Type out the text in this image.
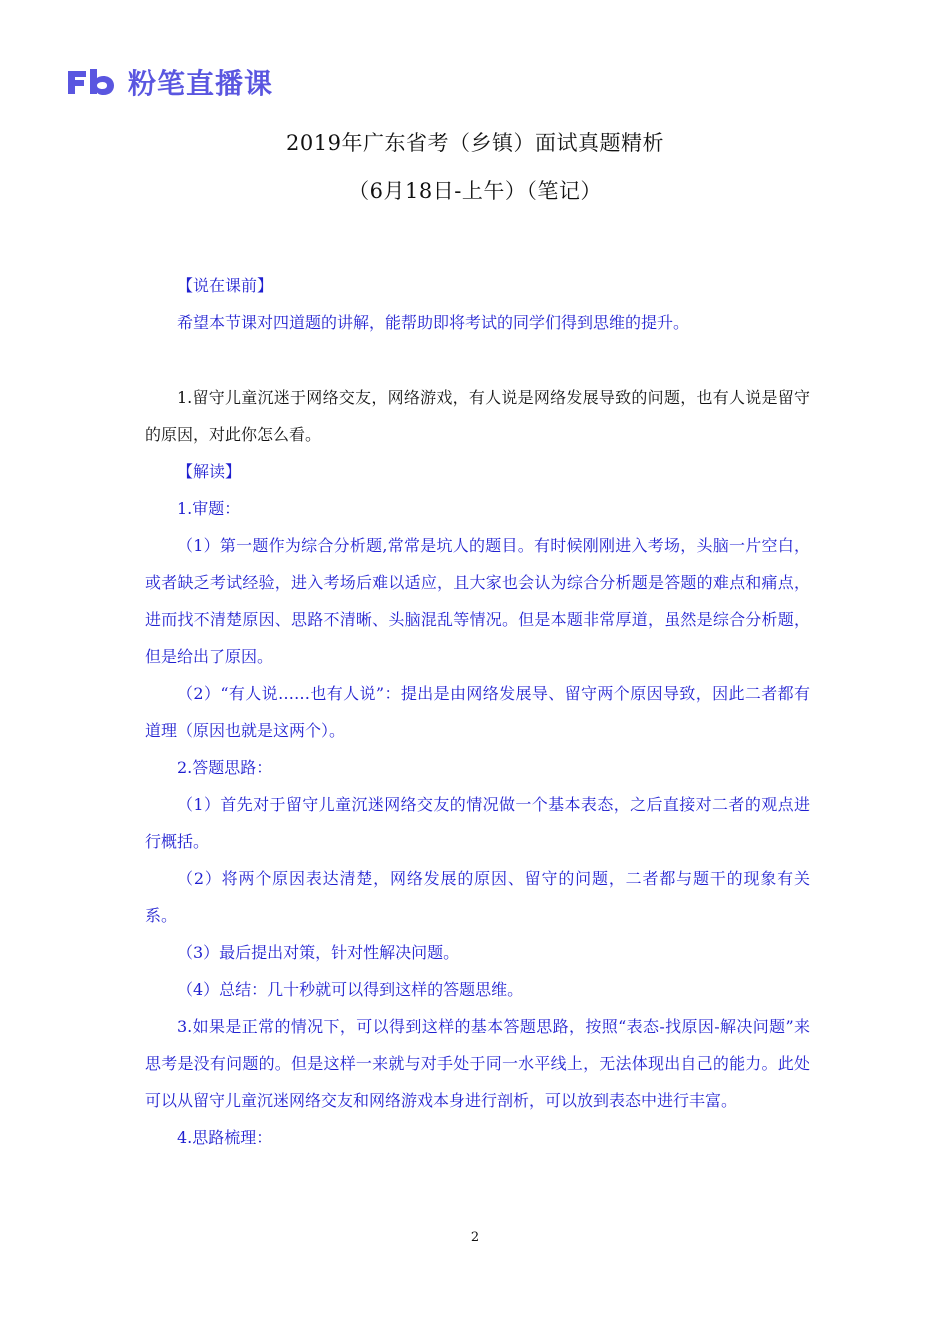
粉笔直播课
2019年广东省考（乡镇）面试真题精析
（6月18日-上午）（笔记）

【说在课前】

希望本节课对四道题的讲解，能帮助即将考试的同学们得到思维的提升。

1.留守儿童沉迷于网络交友，网络游戏，有人说是网络发展导致的问题，也有人说是留守的原因，对此你怎么看。

【解读】

1.审题：

（1）第一题作为综合分析题,常常是坑人的题目。有时候刚刚进入考场，头脑一片空白，或者缺乏考试经验，进入考场后难以适应，且大家也会认为综合分析题是答题的难点和痛点，进而找不清楚原因、思路不清晰、头脑混乱等情况。但是本题非常厚道，虽然是综合分析题，但是给出了原因。

（2）“有人说……也有人说”：提出是由网络发展导、留守两个原因导致，因此二者都有道理（原因也就是这两个）。

2.答题思路：

（1）首先对于留守儿童沉迷网络交友的情况做一个基本表态，之后直接对二者的观点进行概括。

（2）将两个原因表达清楚，网络发展的原因、留守的问题，二者都与题干的现象有关系。

（3）最后提出对策，针对性解决问题。

（4）总结：几十秒就可以得到这样的答题思维。

3.如果是正常的情况下，可以得到这样的基本答题思路，按照“表态-找原因-解决问题”来思考是没有问题的。但是这样一来就与对手处于同一水平线上，无法体现出自己的能力。此处可以从留守儿童沉迷网络交友和网络游戏本身进行剖析，可以放到表态中进行丰富。

4.思路梳理：

2
